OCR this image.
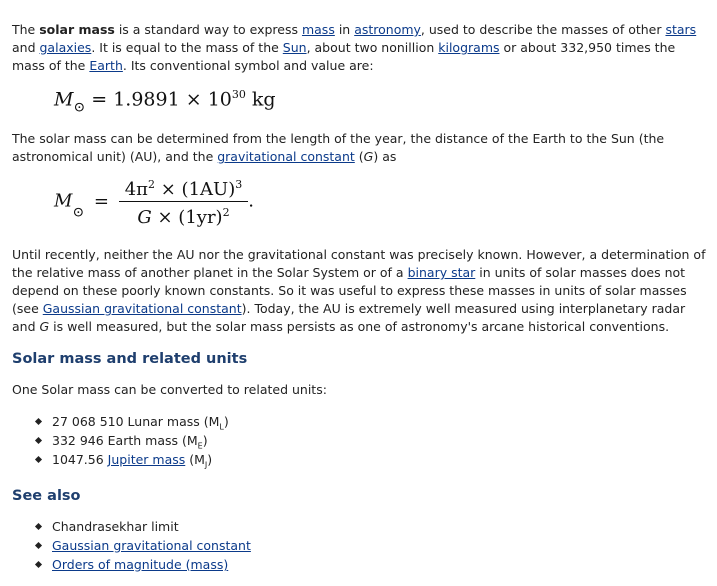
The solar mass is a standard way to express mass in astronomy, used to describe the masses of other stars and galaxies. It is equal to the mass of the Sun, about two nonillion kilograms or about 332,950 times the mass of the Earth. Its conventional symbol and value are:

$M_⊙ = 1.9891 \times 10^{30}$ kg

The solar mass can be determined from the length of the year, the distance of the Earth to the Sun (the astronomical unit) (AU), and the gravitational constant (G) as

$M_⊙ = \frac{4\pi^2 \times (1AU)^3}{G \times (1yr)^2}$ .

Until recently, neither the AU nor the gravitational constant was precisely known. However, a determination of the relative mass of another planet in the Solar System or of a binary star in units of solar masses does not depend on these poorly known constants. So it was useful to express these masses in units of solar masses (see Gaussian gravitational constant). Today, the AU is extremely well measured using interplanetary radar and G is well measured, but the solar mass persists as one of astronomy's arcane historical conventions.

Solar mass and related units

One Solar mass can be converted to related units:

27 068 510 Lunar mass $(M_L)$
332 946 Earth mass $(M_E)$
1047.56 Jupiter mass $(M_J)$
See also
Chandrasekhar limit
Gaussian gravitational constant
Orders of magnitude (mass)
